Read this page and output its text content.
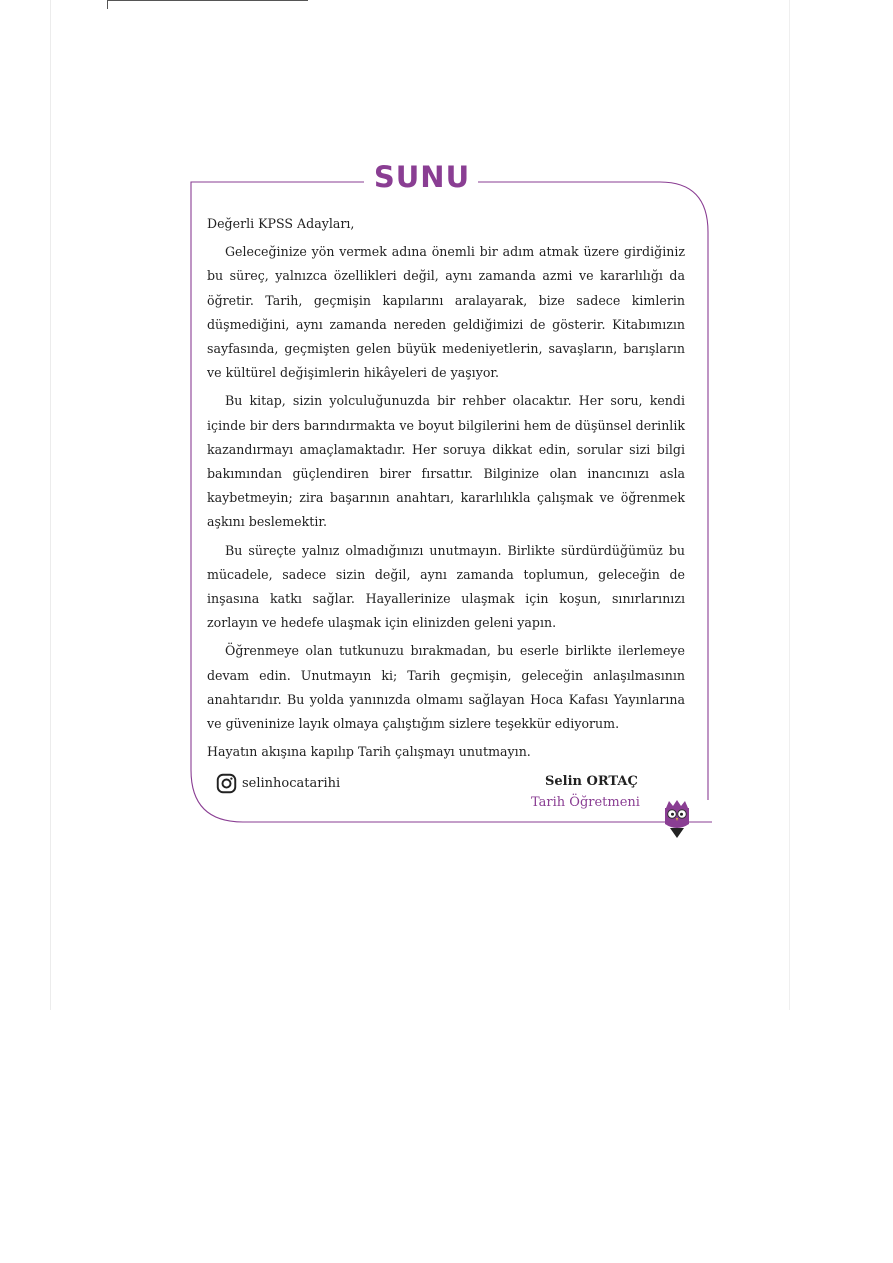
SUNU

Değerli KPSS Adayları,

Geleceğinize yön vermek adına önemli bir adım atmak üzere girdiğiniz bu süreç, yalnızca özellikleri değil, aynı zamanda azmi ve kararlılığı da öğretir. Tarih, geçmişin kapılarını aralayarak, bize sadece kimlerin düşmediğini, aynı zamanda nereden geldiğimizi de gösterir. Kitabımızın sayfasında, geçmişten gelen büyük medeniyetlerin, savaşların, barışların ve kültürel değişimlerin hikâyeleri de yaşıyor.

Bu kitap, sizin yolculuğunuzda bir rehber olacaktır. Her soru, kendi içinde bir ders barındırmakta ve boyut bilgilerini hem de düşünsel derinlik kazandırmayı amaçlamaktadır. Her soruya dikkat edin, sorular sizi bilgi bakımından güçlendiren birer fırsattır. Bilginize olan inancınızı asla kaybetmeyin; zira başarının anahtarı, kararlılıkla çalışmak ve öğrenmek aşkını beslemektir.

Bu süreçte yalnız olmadığınızı unutmayın. Birlikte sürdürdüğümüz bu mücadele, sadece sizin değil, aynı zamanda toplumun, geleceğin de inşasına katkı sağlar. Hayallerinize ulaşmak için koşun, sınırlarınızı zorlayın ve hedefe ulaşmak için elinizden geleni yapın.

Öğrenmeye olan tutkunuzu bırakmadan, bu eserle birlikte ilerlemeye devam edin. Unutmayın ki; Tarih geçmişin, geleceğin anlaşılmasının anahtarıdır. Bu yolda yanınızda olmamı sağlayan Hoca Kafası Yayınlarına ve güveninize layık olmaya çalıştığım sizlere teşekkür ediyorum.

Hayatın akışına kapılıp Tarih çalışmayı unutmayın.

selinhocatarihi	Selin ORTAÇ
Tarih Öğretmeni
